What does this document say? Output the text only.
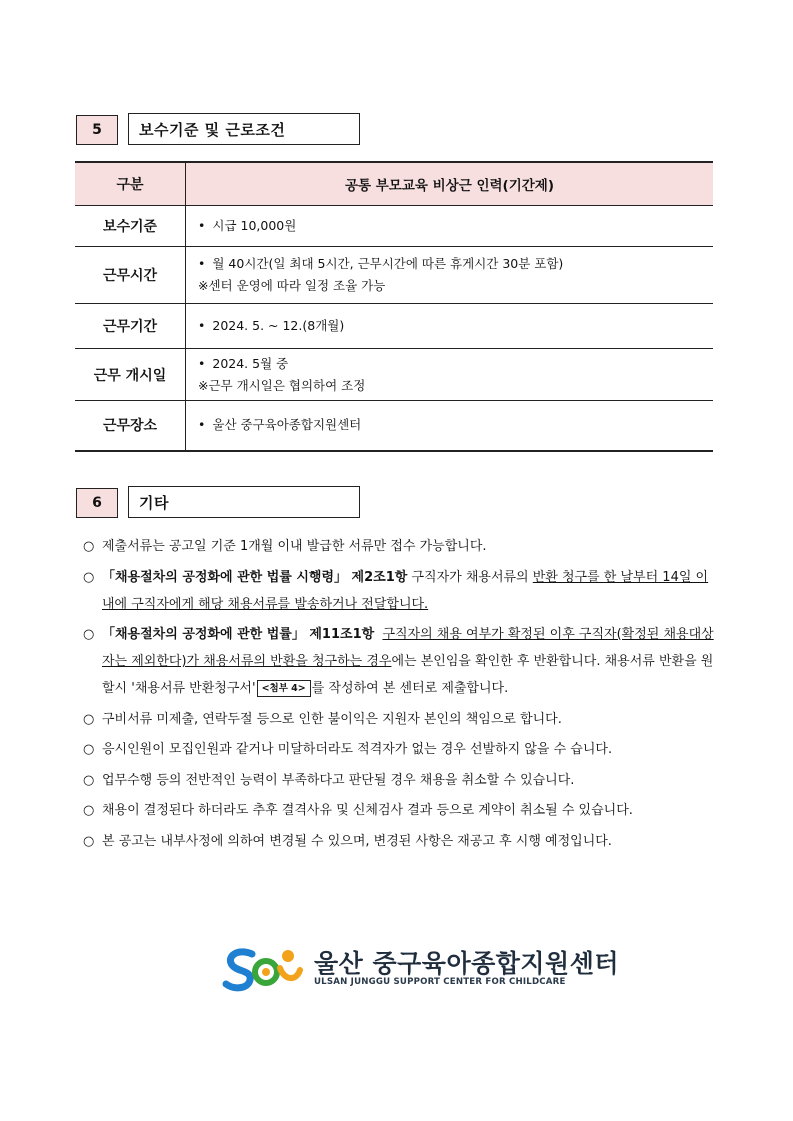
5	보수기준 및 근로조건
구분	공통 부모교육 비상근 인력(기간제)
보수기준	• 시급 10,000원

근무시간	• 월 40시간(일 최대 5시간, 근무시간에 따른 휴게시간 30분 포함)
※센터 운영에 따라 일정 조율 가능

근무기간	• 2024. 5. ~ 12.(8개월)

근무 개시일	• 2024. 5월 중
※근무 개시일은 협의하여 조정

근무장소	• 울산 중구육아종합지원센터
6	기타
○ 제출서류는 공고일 기준 1개월 이내 발급한 서류만 접수 가능합니다.
○ 「채용절차의 공정화에 관한 법률 시행령」 제2조1항 구직자가 채용서류의 반환 청구를 한 날부터 14일 이내에 구직자에게 해당 채용서류를 발송하거나 전달합니다.
○ 「채용절차의 공정화에 관한 법률」 제11조1항 구직자의 채용 여부가 확정된 이후 구직자(확정된 채용대상자는 제외한다)가 채용서류의 반환을 청구하는 경우에는 본인임을 확인한 후 반환합니다. 채용서류 반환을 원할시 '채용서류 반환청구서' <첨부 4> 를 작성하여 본 센터로 제출합니다.
○ 구비서류 미제출, 연락두절 등으로 인한 불이익은 지원자 본인의 책임으로 합니다.
○ 응시인원이 모집인원과 같거나 미달하더라도 적격자가 없는 경우 선발하지 않을 수 습니다.
○ 업무수행 등의 전반적인 능력이 부족하다고 판단될 경우 채용을 취소할 수 있습니다.
○ 채용이 결정된다 하더라도 추후 결격사유 및 신체검사 결과 등으로 계약이 취소될 수 있습니다.
○ 본 공고는 내부사정에 의하여 변경될 수 있으며, 변경된 사항은 재공고 후 시행 예정입니다.
울산 중구육아종합지원센터
ULSAN JUNGGU SUPPORT CENTER FOR CHILDCARE
